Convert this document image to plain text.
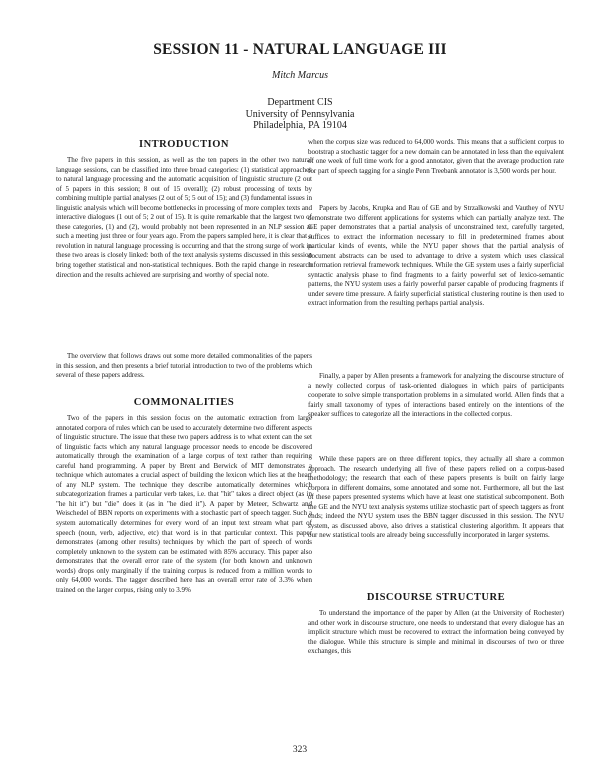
SESSION 11 - NATURAL LANGUAGE III
Mitch Marcus
Department CIS
University of Pennsylvania
Philadelphia, PA 19104
INTRODUCTION

The five papers in this session, as well as the ten papers in the other two natural language sessions, can be classified into three broad categories: (1) statistical approaches to natural language processing and the automatic acquisition of linguistic structure (2 out of 5 papers in this session; 8 out of 15 overall); (2) robust processing of texts by combining multiple partial analyses (2 out of 5; 5 out of 15); and (3) fundamental issues in linguistic analysis which will become bottlenecks in processing of more complex texts and interactive dialogues (1 out of 5; 2 out of 15). It is quite remarkable that the largest two of these categories, (1) and (2), would probably not been represented in an NLP session at such a meeting just three or four years ago. From the papers sampled here, it is clear that a revolution in natural language processing is occurring and that the strong surge of work in these two areas is closely linked: both of the text analysis systems discussed in this session bring together statistical and non-statistical techniques. Both the rapid change in research direction and the results achieved are surprising and worthy of special note.

The overview that follows draws out some more detailed commonalities of the papers in this session, and then presents a brief tutorial introduction to two of the problems which several of these papers address.

COMMONALITIES

Two of the papers in this session focus on the automatic extraction from large annotated corpora of rules which can be used to accurately determine two different aspects of linguistic structure. The issue that these two papers address is to what extent can the set of linguistic facts which any natural language processor needs to encode be discovered automatically through the examination of a large corpus of text rather than requiring careful hand programming. A paper by Brent and Berwick of MIT demonstrates a technique which automates a crucial aspect of building the lexicon which lies at the heart of any NLP system. The technique they describe automatically determines which subcategorization frames a particular verb takes, i.e. that "hit" takes a direct object (as in "he hit it") but "die" does it (as in "he died it"). A paper by Meteer, Schwartz and Weischedel of BBN reports on experiments with a stochastic part of speech tagger. Such a system automatically determines for every word of an input text stream what part of speech (noun, verb, adjective, etc) that word is in that particular context. This paper demonstrates (among other results) techniques by which the part of speech of words completely unknown to the system can be estimated with 85% accuracy. This paper also demonstrates that the overall error rate of the system (for both known and unknown words) drops only marginally if the training corpus is reduced from a million words to only 64,000 words. The tagger described here has an overall error rate of 3.3% when trained on the larger corpus, rising only to 3.9%

when the corpus size was reduced to 64,000 words. This means that a sufficient corpus to bootstrap a stochastic tagger for a new domain can be annotated in less than the equivalent of one week of full time work for a good annotator, given that the average production rate for part of speech tagging for a single Penn Treebank annotator is 3,500 words per hour.

Papers by Jacobs, Krupka and Rau of GE and by Strzalkowski and Vauthey of NYU demonstrate two different applications for systems which can partially analyze text. The GE paper demonstrates that a partial analysis of unconstrained text, carefully targeted, suffices to extract the information necessary to fill in predetermined frames about particular kinds of events, while the NYU paper shows that the partial analysis of document abstracts can be used to advantage to drive a system which uses classical information retrieval framework techniques. While the GE system uses a fairly superficial syntactic analysis phase to find fragments to a fairly powerful set of lexico-semantic patterns, the NYU system uses a fairly powerful parser capable of producing fragments if under severe time pressure. A fairly superficial statistical clustering routine is then used to extract information from the resulting perhaps partial analysis.

Finally, a paper by Allen presents a framework for analyzing the discourse structure of a newly collected corpus of task-oriented dialogues in which pairs of participants cooperate to solve simple transportation problems in a simulated world. Allen finds that a fairly small taxonomy of types of interactions based entirely on the intentions of the speaker suffices to categorize all the interactions in the collected corpus.

While these papers are on three different topics, they actually all share a common approach. The research underlying all five of these papers relied on a corpus-based methodology; the research that each of these papers presents is built on fairly large corpora in different domains, some annotated and some not. Furthermore, all but the last of these papers presented systems which have at least one statistical subcomponent. Both the GE and the NYU text analysis systems utilize stochastic part of speech taggers as front ends; indeed the NYU system uses the BBN tagger discussed in this session. The NYU system, as discussed above, also drives a statistical clustering algorithm. It appears that our new statistical tools are already being successfully incorporated in larger systems.

DISCOURSE STRUCTURE

To understand the importance of the paper by Allen (at the University of Rochester) and other work in discourse structure, one needs to understand that every dialogue has an implicit structure which must be recovered to extract the information being conveyed by the dialogue. While this structure is simple and minimal in discourses of two or three exchanges, this

323
